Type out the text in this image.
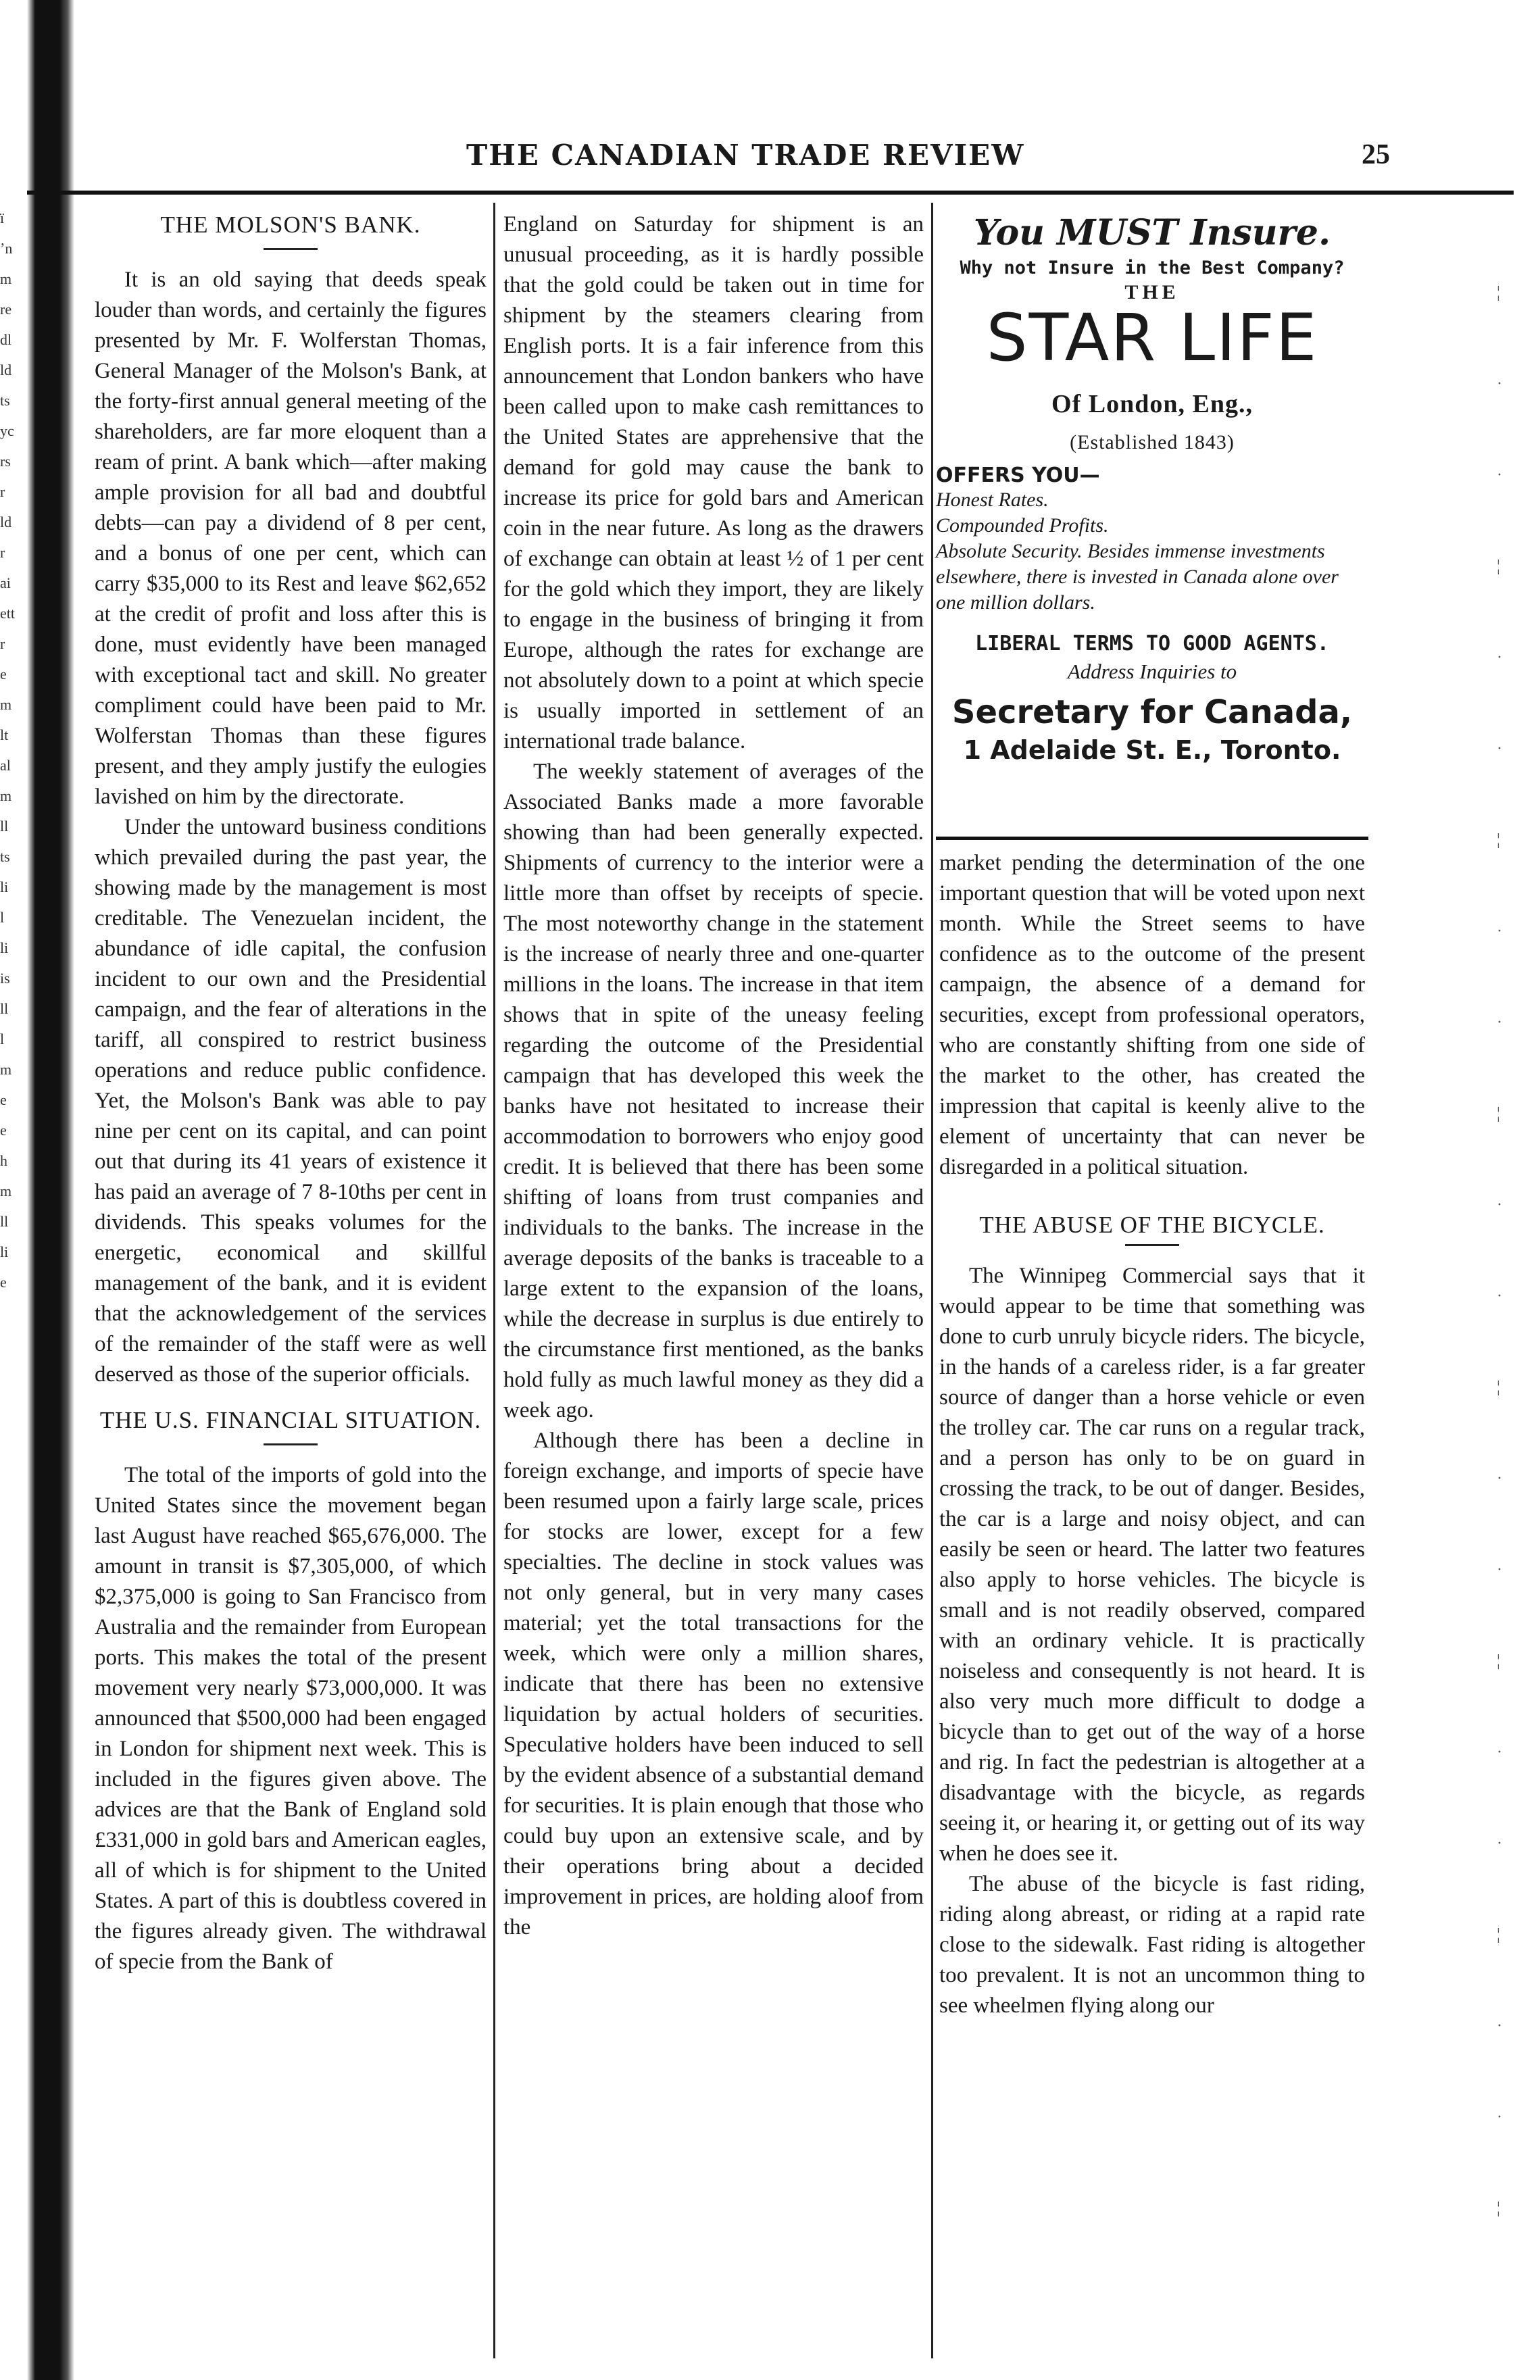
ï
ʼn
m
re
dl
ld
ts
yc
rs
r
ld
r
ai
ett
r
e
m
lt
al
m
ll
ts
li
l
li
is
ll
l
m
e
e
h
m
ll
li
e
THE CANADIAN TRADE REVIEW	25
THE MOLSON'S BANK.

It is an old saying that deeds speak louder than words, and certainly the figures presented by Mr. F. Wolferstan Thomas, General Manager of the Molson's Bank, at the forty-first annual general meeting of the shareholders, are far more eloquent than a ream of print. A bank which—after making ample provision for all bad and doubtful debts—can pay a dividend of 8 per cent, and a bonus of one per cent, which can carry $35,000 to its Rest and leave $62,652 at the credit of profit and loss after this is done, must evidently have been managed with exceptional tact and skill. No greater compliment could have been paid to Mr. Wolferstan Thomas than these figures present, and they amply justify the eulogies lavished on him by the directorate.

Under the untoward business conditions which prevailed during the past year, the showing made by the management is most creditable. The Venezuelan incident, the abundance of idle capital, the confusion incident to our own and the Presidential campaign, and the fear of alterations in the tariff, all conspired to restrict business operations and reduce public confidence. Yet, the Molson's Bank was able to pay nine per cent on its capital, and can point out that during its 41 years of existence it has paid an average of 7 8-10ths per cent in dividends. This speaks volumes for the energetic, economical and skillful management of the bank, and it is evident that the acknowledgement of the services of the remainder of the staff were as well deserved as those of the superior officials.

THE U.S. FINANCIAL SITUATION.

The total of the imports of gold into the United States since the movement began last August have reached $65,676,000. The amount in transit is $7,305,000, of which $2,375,000 is going to San Francisco from Australia and the remainder from European ports. This makes the total of the present movement very nearly $73,000,000. It was announced that $500,000 had been engaged in London for shipment next week. This is included in the figures given above. The advices are that the Bank of England sold £331,000 in gold bars and American eagles, all of which is for shipment to the United States. A part of this is doubtless covered in the figures already given. The withdrawal of specie from the Bank of

England on Saturday for shipment is an unusual proceeding, as it is hardly possible that the gold could be taken out in time for shipment by the steamers clearing from English ports. It is a fair inference from this announcement that London bankers who have been called upon to make cash remittances to the United States are apprehensive that the demand for gold may cause the bank to increase its price for gold bars and American coin in the near future. As long as the drawers of exchange can obtain at least ½ of 1 per cent for the gold which they import, they are likely to engage in the business of bringing it from Europe, although the rates for exchange are not absolutely down to a point at which specie is usually imported in settlement of an international trade balance.

The weekly statement of averages of the Associated Banks made a more favorable showing than had been generally expected. Shipments of currency to the interior were a little more than offset by receipts of specie. The most noteworthy change in the statement is the increase of nearly three and one-quarter millions in the loans. The increase in that item shows that in spite of the uneasy feeling regarding the outcome of the Presidential campaign that has developed this week the banks have not hesitated to increase their accommodation to borrowers who enjoy good credit. It is believed that there has been some shifting of loans from trust companies and individuals to the banks. The increase in the average deposits of the banks is traceable to a large extent to the expansion of the loans, while the decrease in surplus is due entirely to the circumstance first mentioned, as the banks hold fully as much lawful money as they did a week ago.

Although there has been a decline in foreign exchange, and imports of specie have been resumed upon a fairly large scale, prices for stocks are lower, except for a few specialties. The decline in stock values was not only general, but in very many cases material; yet the total transactions for the week, which were only a million shares, indicate that there has been no extensive liquidation by actual holders of securities. Speculative holders have been induced to sell by the evident absence of a substantial demand for securities. It is plain enough that those who could buy upon an extensive scale, and by their operations bring about a decided improvement in prices, are holding aloof from the

You MUST Insure.
Why not Insure in the Best Company?
THE
STAR LIFE
Of London, Eng.,
(Established 1843)
OFFERS YOU—
Honest Rates.
Compounded Profits.
Absolute Security. Besides immense investments elsewhere, there is invested in Canada alone over one million dollars.
LIBERAL TERMS TO GOOD AGENTS.
Address Inquiries to
Secretary for Canada,
1 Adelaide St. E., Toronto.

market pending the determination of the one important question that will be voted upon next month. While the Street seems to have confidence as to the outcome of the present campaign, the absence of a demand for securities, except from professional operators, who are constantly shifting from one side of the market to the other, has created the impression that capital is keenly alive to the element of uncertainty that can never be disregarded in a political situation.

THE ABUSE OF THE BICYCLE.

The Winnipeg Commercial says that it would appear to be time that something was done to curb unruly bicycle riders. The bicycle, in the hands of a careless rider, is a far greater source of danger than a horse vehicle or even the trolley car. The car runs on a regular track, and a person has only to be on guard in crossing the track, to be out of danger. Besides, the car is a large and noisy object, and can easily be seen or heard. The latter two features also apply to horse vehicles. The bicycle is small and is not readily observed, compared with an ordinary vehicle. It is practically noiseless and consequently is not heard. It is also very much more difficult to dodge a bicycle than to get out of the way of a horse and rig. In fact the pedestrian is altogether at a disadvantage with the bicycle, as regards seeing it, or hearing it, or getting out of its way when he does see it.

The abuse of the bicycle is fast riding, riding along abreast, or riding at a rapid rate close to the sidewalk. Fast riding is altogether too prevalent. It is not an uncommon thing to see wheelmen flying along our

¦
·
·
¦
·
·
¦
·
·
¦
·
·
¦
·
·
¦
·
·
¦
·
·
¦
